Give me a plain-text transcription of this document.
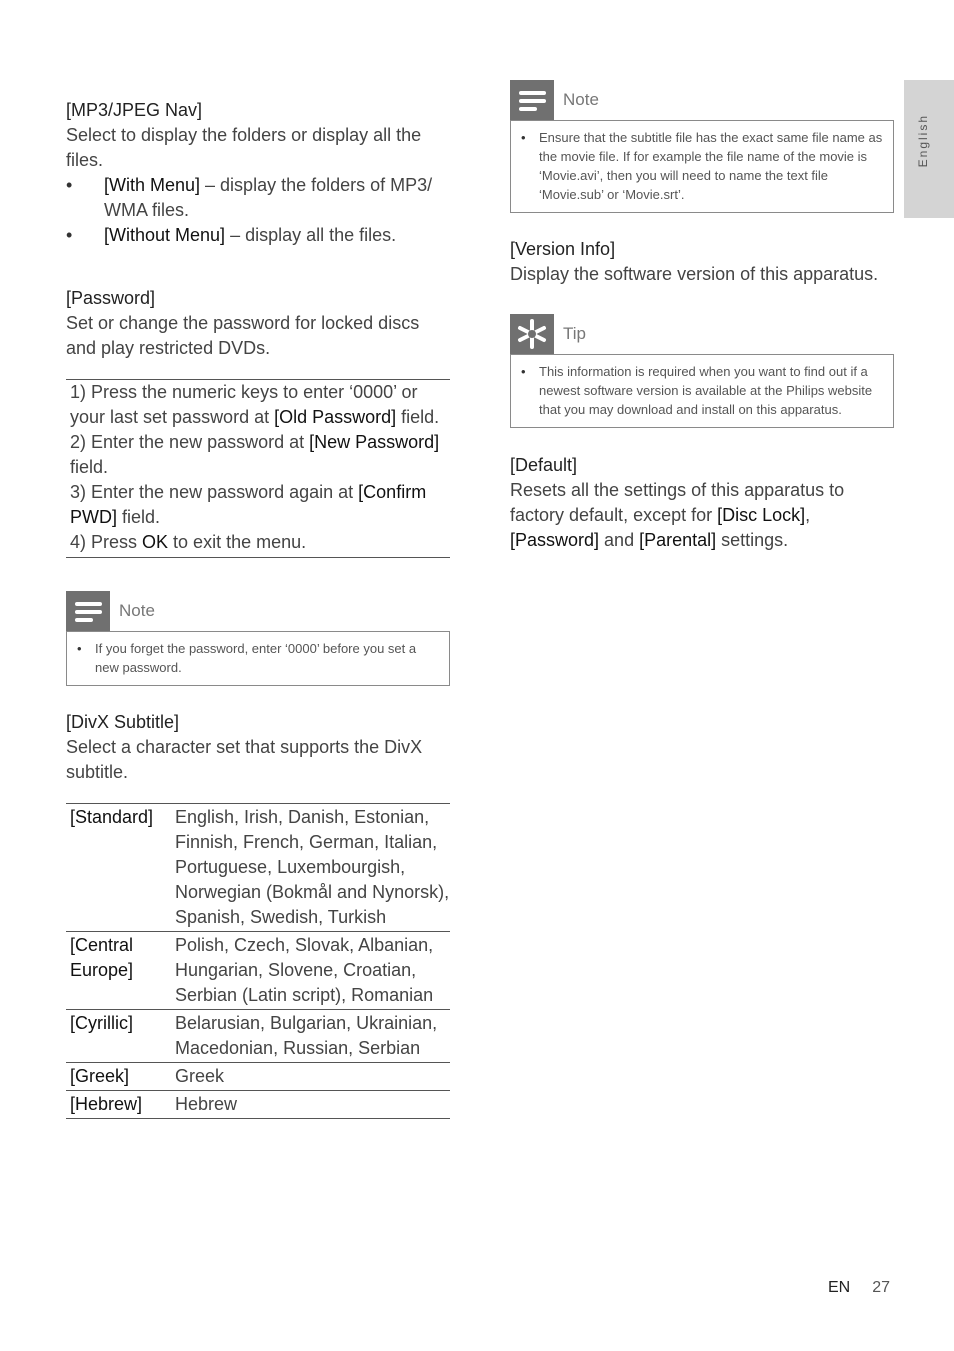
English

[MP3/JPEG Nav]

Select to display the folders or display all the files.

• [With Menu] – display the folders of MP3/ WMA files.
• [Without Menu] – display all the files.

[Password]

Set or change the password for locked discs and play restricted DVDs.

1) Press the numeric keys to enter ‘0000’ or your last set password at [Old Password] field.
2) Enter the new password at [New Password] field.
3) Enter the new password again at [Confirm PWD] field.
4) Press OK to exit the menu.
Note
• If you forget the password, enter ‘0000’ before you set a new password.

[DivX Subtitle]

Select a character set that supports the DivX subtitle.

[Standard]	English, Irish, Danish, Estonian, Finnish, French, German, Italian, Portuguese, Luxembourgish, Norwegian (Bokmål and Nynorsk), Spanish, Swedish, Turkish
[Central Europe]	Polish, Czech, Slovak, Albanian, Hungarian, Slovene, Croatian, Serbian (Latin script), Romanian
[Cyrillic]	Belarusian, Bulgarian, Ukrainian, Macedonian, Russian, Serbian
[Greek]	Greek
[Hebrew]	Hebrew
Note
• Ensure that the subtitle file has the exact same file name as the movie file. If for example the file name of the movie is ‘Movie.avi’, then you will need to name the text file ‘Movie.sub’ or ‘Movie.srt’.

[Version Info]

Display the software version of this apparatus.

Tip
• This information is required when you want to find out if a newest software version is available at the Philips website that you may download and install on this apparatus.

[Default]

Resets all the settings of this apparatus to factory default, except for [Disc Lock], [Password] and [Parental] settings.

EN 27
